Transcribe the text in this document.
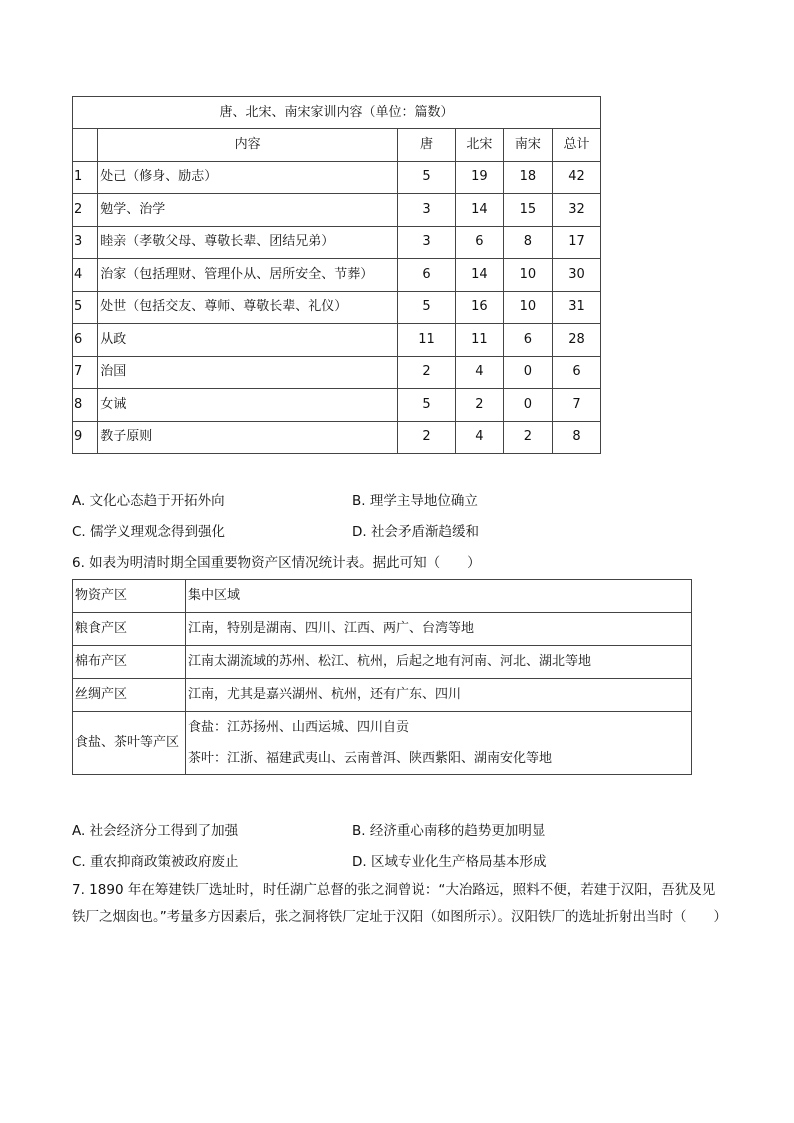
唐、北宋、南宋家训内容（单位：篇数）					
	内容	唐	北宋	南宋	总计
1	处己（修身、励志）	5	19	18	42
2	勉学、治学	3	14	15	32
3	睦亲（孝敬父母、尊敬长辈、团结兄弟）	3	6	8	17
4	治家（包括理财、管理仆从、居所安全、节葬）	6	14	10	30
5	处世（包括交友、尊师、尊敬长辈、礼仪）	5	16	10	31
6	从政	11	11	6	28
7	治国	2	4	0	6
8	女诫	5	2	0	7
9	教子原则	2	4	2	8
A. 文化心态趋于开拓外向	B. 理学主导地位确立
C. 儒学义理观念得到强化	D. 社会矛盾渐趋缓和
6. 如表为明清时期全国重要物资产区情况统计表。据此可知（　　）
物资产区	集中区域
粮食产区	江南，特别是湖南、四川、江西、两广、台湾等地
棉布产区	江南太湖流域的苏州、松江、杭州，后起之地有河南、河北、湖北等地
丝绸产区	江南，尤其是嘉兴湖州、杭州，还有广东、四川
食盐、茶叶等产区	食盐：江苏扬州、山西运城、四川自贡
茶叶：江浙、福建武夷山、云南普洱、陕西紫阳、湖南安化等地
A. 社会经济分工得到了加强	B. 经济重心南移的趋势更加明显
C. 重农抑商政策被政府废止	D. 区域专业化生产格局基本形成
7. 1890 年在筹建铁厂选址时，时任湖广总督的张之洞曾说：“大冶路远，照料不便，若建于汉阳，吾犹及见铁厂之烟囱也。”考量多方因素后，张之洞将铁厂定址于汉阳（如图所示）。汉阳铁厂的选址折射出当时（　　）
